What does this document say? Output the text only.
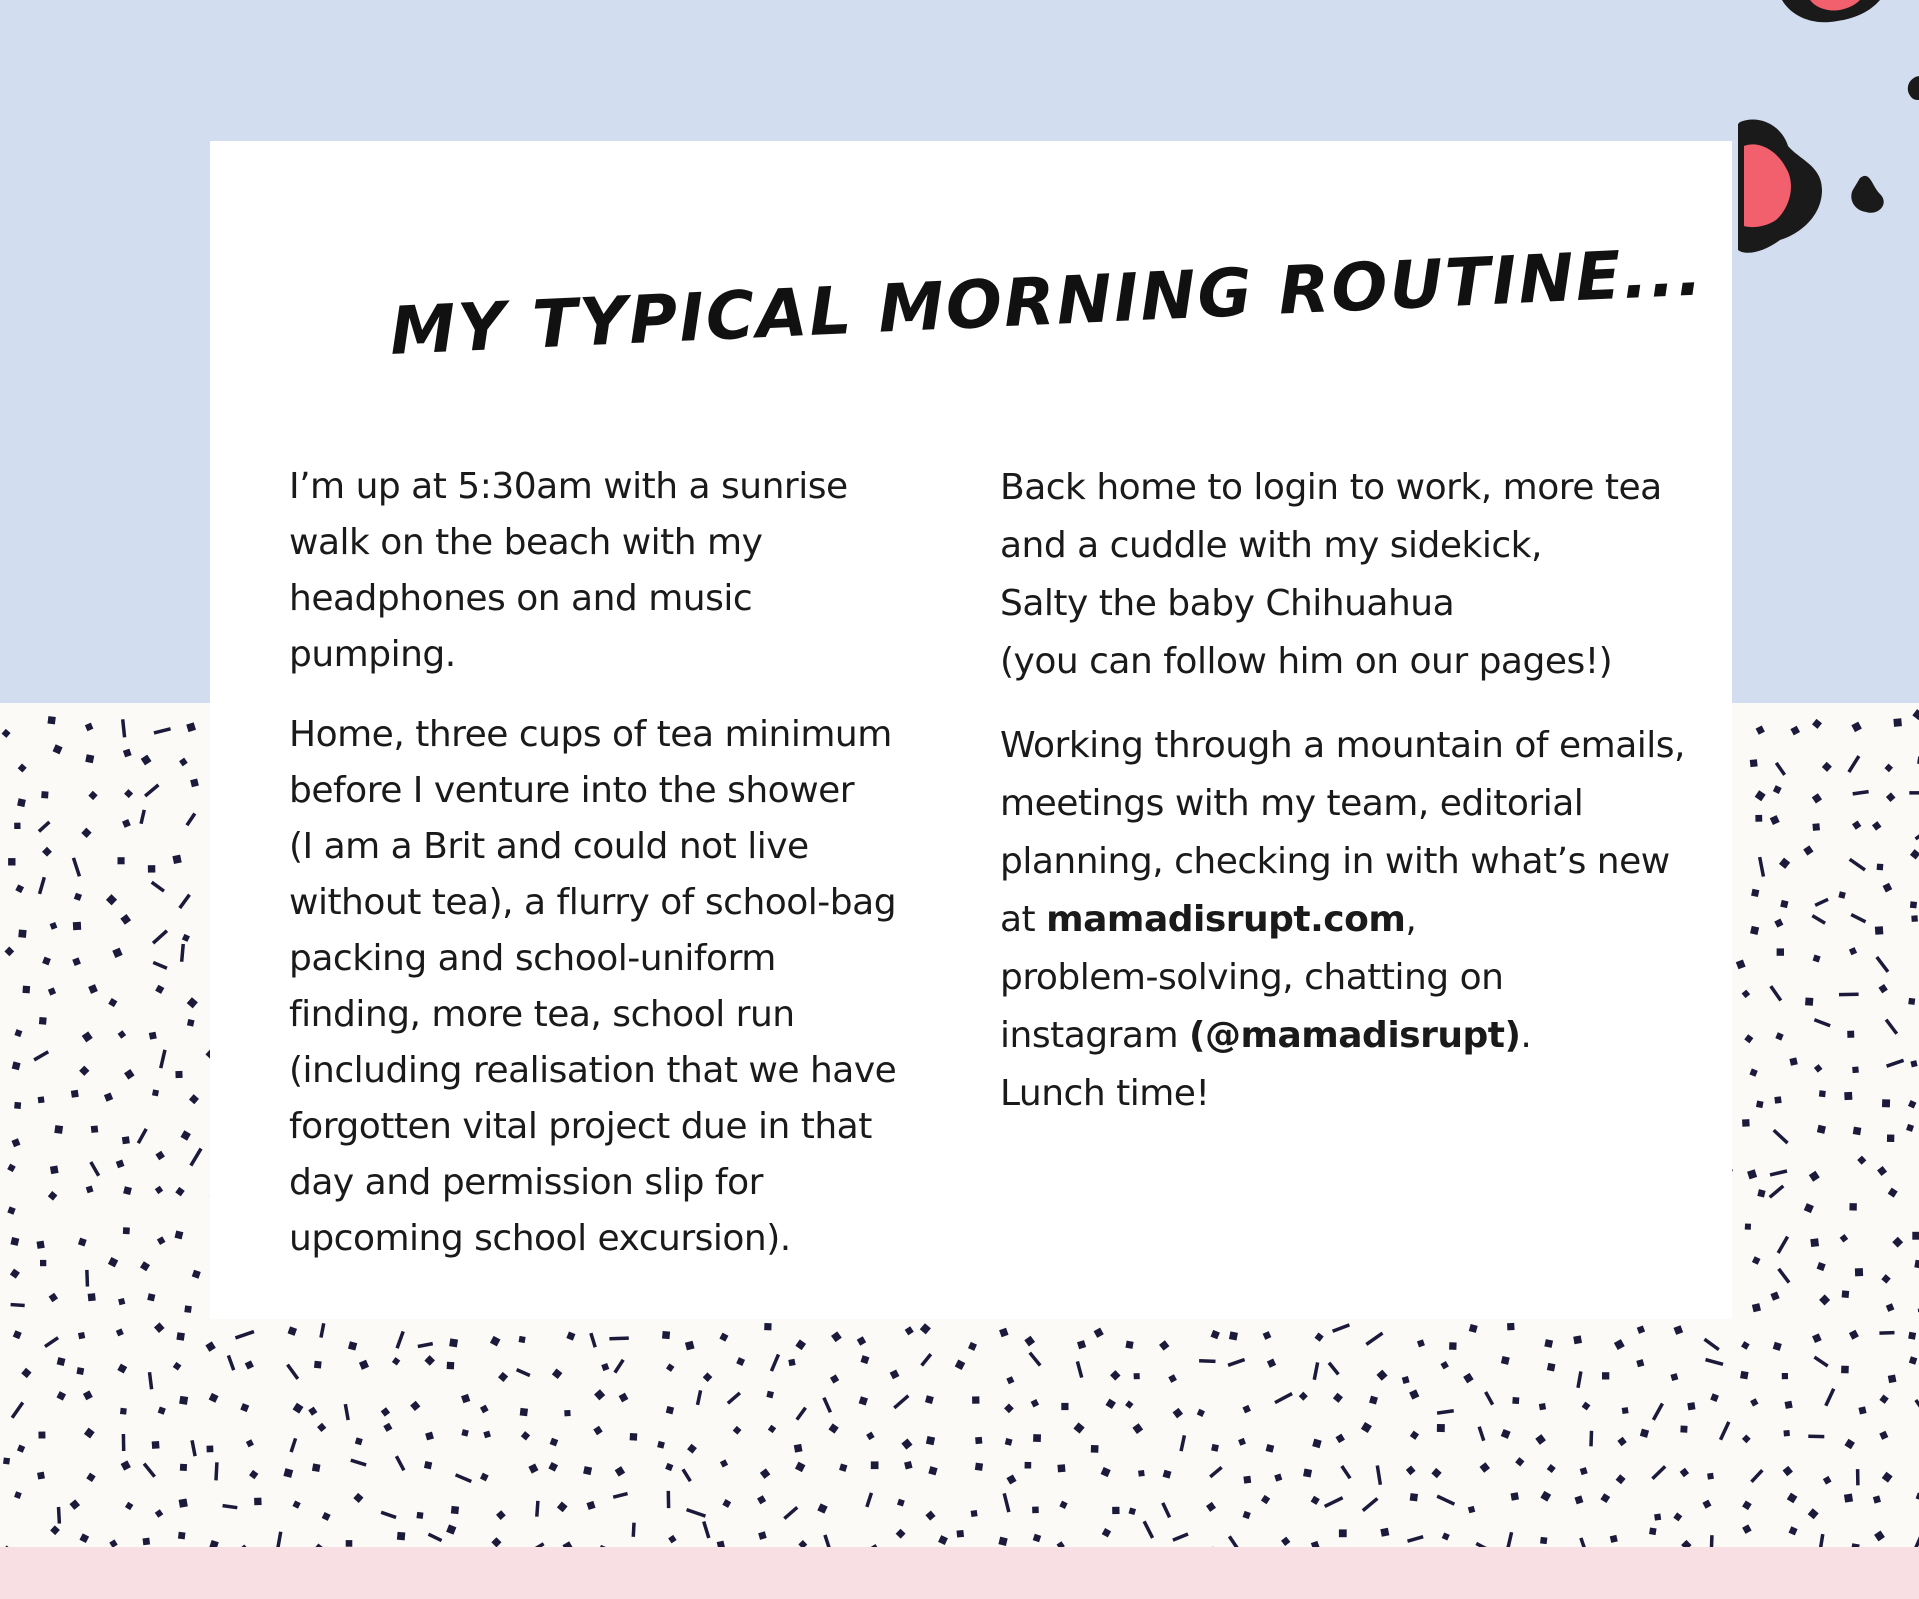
MY TYPICAL MORNING ROUTINE...

I’m up at 5:30am with a sunrise
walk on the beach with my
headphones on and music
pumping.

Home, three cups of tea minimum
before I venture into the shower
(I am a Brit and could not live
without tea), a flurry of school-bag
packing and school-uniform
finding, more tea, school run
(including realisation that we have
forgotten vital project due in that
day and permission slip for
upcoming school excursion).

Back home to login to work, more tea
and a cuddle with my sidekick,
Salty the baby Chihuahua
(you can follow him on our pages!)

Working through a mountain of emails,
meetings with my team, editorial
planning, checking in with what’s new
at mamadisrupt.com,
problem-solving, chatting on
instagram (@mamadisrupt).
Lunch time!
